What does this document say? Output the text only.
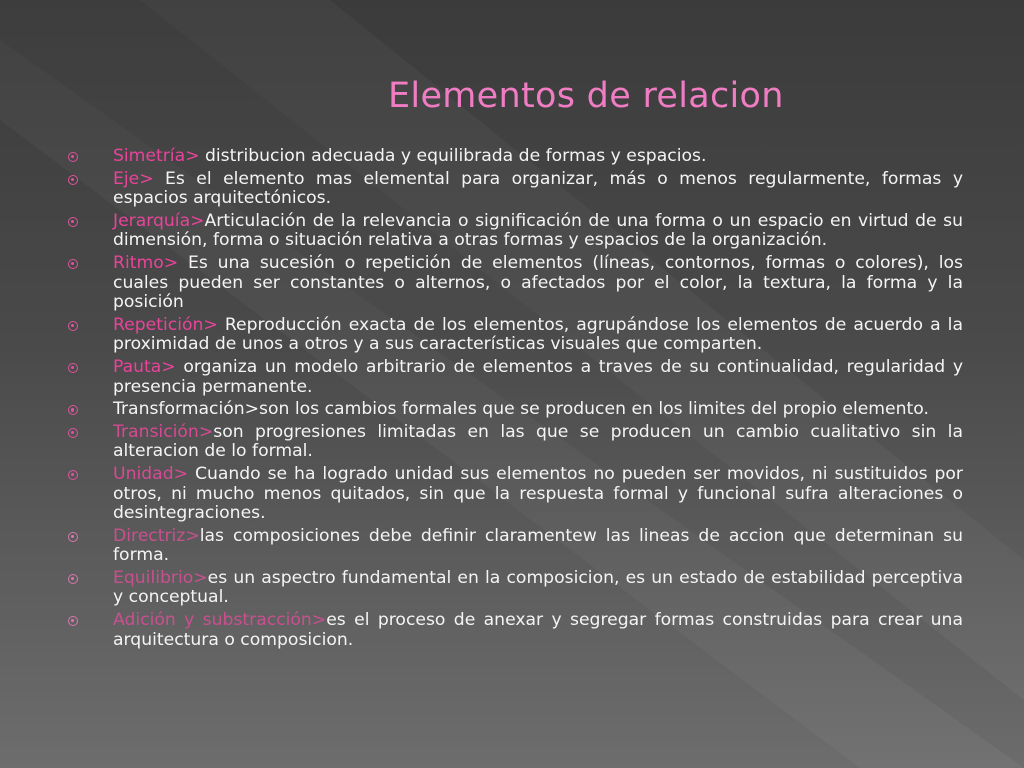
Elementos de relacion
Simetría> distribucion adecuada y equilibrada de formas y espacios.
Eje> Es el elemento mas elemental para organizar, más o menos regularmente, formas y espacios arquitectónicos.
Jerarquía>Articulación de la relevancia o significación de una forma o un espacio en virtud de su dimensión, forma o situación relativa a otras formas y espacios de la organización.
Ritmo> Es una sucesión o repetición de elementos (líneas, contornos, formas o colores), los cuales pueden ser constantes o alternos, o afectados por el color, la textura, la forma y la posición
Repetición> Reproducción exacta de los elementos, agrupándose los elementos de acuerdo a la proximidad de unos a otros y a sus características visuales que comparten.
Pauta> organiza un modelo arbitrario de elementos a traves de su continualidad, regularidad y presencia permanente.
Transformación>son los cambios formales que se producen en los limites del propio elemento.
Transición>son progresiones limitadas en las que se producen un cambio cualitativo sin la alteracion de lo formal.
Unidad> Cuando se ha logrado unidad sus elementos no pueden ser movidos, ni sustituidos por otros, ni mucho menos quitados, sin que la respuesta formal y funcional sufra alteraciones o desintegraciones.
Directriz>las composiciones debe definir claramentew las lineas de accion que determinan su forma.
Equilibrio>es un aspectro fundamental en la composicion, es un estado de estabilidad perceptiva y conceptual.
Adición y substracción>es el proceso de anexar y segregar formas construidas para crear una arquitectura o composicion.
